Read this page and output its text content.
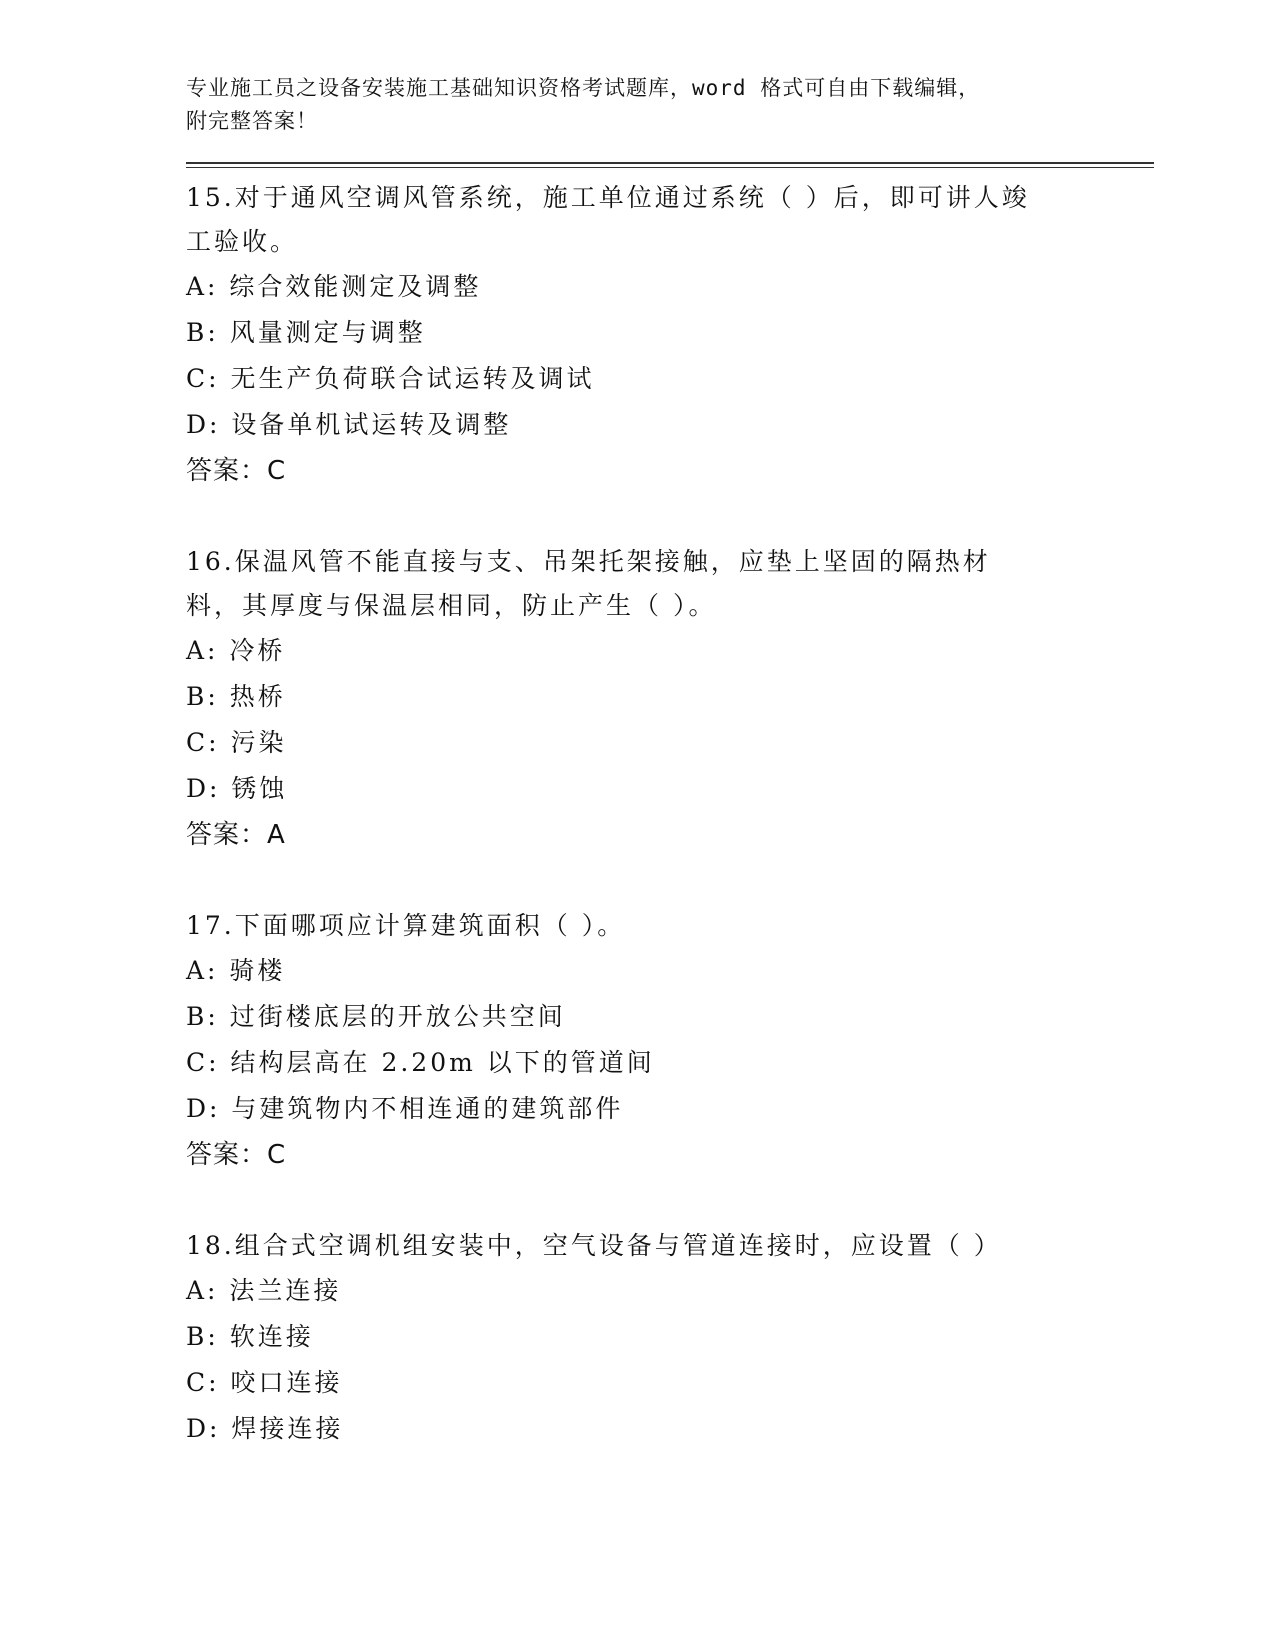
专业施工员之设备安装施工基础知识资格考试题库，word 格式可自由下载编辑，
附完整答案！
15.对于通风空调风管系统，施工单位通过系统（ ）后，即可讲人竣工验收。
A: 综合效能测定及调整
B: 风量测定与调整
C: 无生产负荷联合试运转及调试
D: 设备单机试运转及调整
答案：C
16.保温风管不能直接与支、吊架托架接触，应垫上坚固的隔热材料，其厚度与保温层相同，防止产生（ ）。
A: 冷桥
B: 热桥
C: 污染
D: 锈蚀
答案：A
17.下面哪项应计算建筑面积（ ）。
A: 骑楼
B: 过街楼底层的开放公共空间
C: 结构层高在 2.20m 以下的管道间
D: 与建筑物内不相连通的建筑部件
答案：C
18.组合式空调机组安装中，空气设备与管道连接时，应设置（ ）
A: 法兰连接
B: 软连接
C: 咬口连接
D: 焊接连接
